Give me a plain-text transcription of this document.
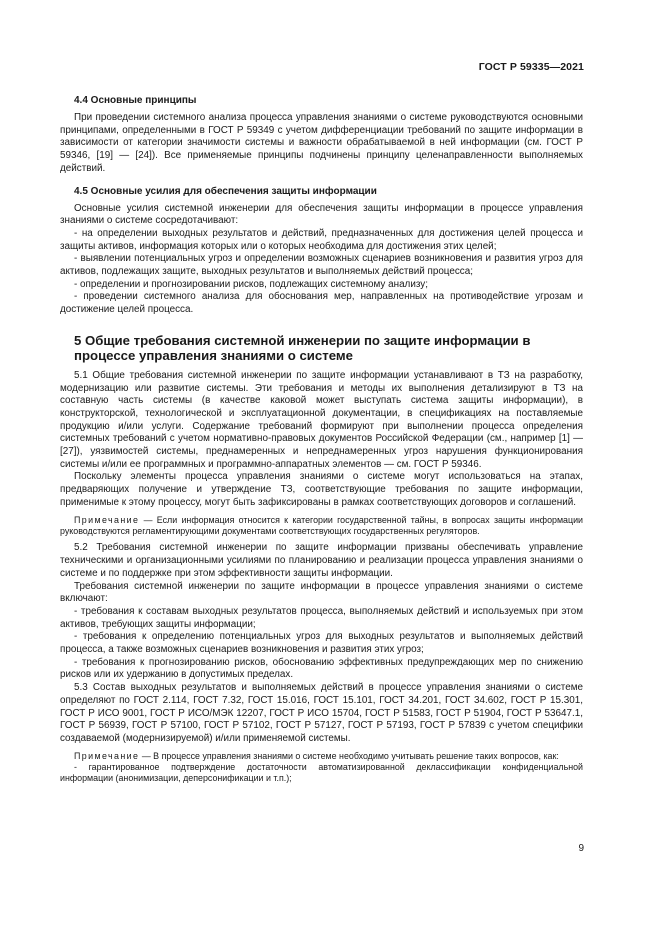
ГОСТ Р 59335—2021
4.4 Основные принципы

При проведении системного анализа процесса управления знаниями о системе руководствуются основными принципами, определенными в ГОСТ Р 59349 с учетом дифференциации требований по защите информации в зависимости от категории значимости системы и важности обрабатываемой в ней информации (см. ГОСТ Р 59346, [19] — [24]). Все применяемые принципы подчинены принципу целенаправленности выполняемых действий.

4.5 Основные усилия для обеспечения защиты информации

Основные усилия системной инженерии для обеспечения защиты информации в процессе управления знаниями о системе сосредотачивают:

- на определении выходных результатов и действий, предназначенных для достижения целей процесса и защиты активов, информация которых или о которых необходима для достижения этих целей;

- выявлении потенциальных угроз и определении возможных сценариев возникновения и развития угроз для активов, подлежащих защите, выходных результатов и выполняемых действий процесса;

- определении и прогнозировании рисков, подлежащих системному анализу;

- проведении системного анализа для обоснования мер, направленных на противодействие угрозам и достижение целей процесса.

5 Общие требования системной инженерии по защите информации в процессе управления знаниями о системе

5.1 Общие требования системной инженерии по защите информации устанавливают в ТЗ на разработку, модернизацию или развитие системы. Эти требования и методы их выполнения детализируют в ТЗ на составную часть системы (в качестве каковой может выступать система защиты информации), в конструкторской, технологической и эксплуатационной документации, в спецификациях на поставляемые продукцию и/или услуги. Содержание требований формируют при выполнении процесса определения системных требований с учетом нормативно-правовых документов Российской Федерации (см., например [1] — [27]), уязвимостей системы, преднамеренных и непреднамеренных угроз нарушения функционирования системы и/или ее программных и программно-аппаратных элементов — см. ГОСТ Р 59346.

Поскольку элементы процесса управления знаниями о системе могут использоваться на этапах, предваряющих получение и утверждение ТЗ, соответствующие требования по защите информации, применимые к этому процессу, могут быть зафиксированы в рамках соответствующих договоров и соглашений.

Примечание — Если информация относится к категории государственной тайны, в вопросах защиты информации руководствуются регламентирующими документами соответствующих государственных регуляторов.

5.2 Требования системной инженерии по защите информации призваны обеспечивать управление техническими и организационными усилиями по планированию и реализации процесса управления знаниями о системе и по поддержке при этом эффективности защиты информации.

Требования системной инженерии по защите информации в процессе управления знаниями о системе включают:

- требования к составам выходных результатов процесса, выполняемых действий и используемых при этом активов, требующих защиты информации;

- требования к определению потенциальных угроз для выходных результатов и выполняемых действий процесса, а также возможных сценариев возникновения и развития этих угроз;

- требования к прогнозированию рисков, обоснованию эффективных предупреждающих мер по снижению рисков или их удержанию в допустимых пределах.

5.3 Состав выходных результатов и выполняемых действий в процессе управления знаниями о системе определяют по ГОСТ 2.114, ГОСТ 7.32, ГОСТ 15.016, ГОСТ 15.101, ГОСТ 34.201, ГОСТ 34.602, ГОСТ Р 15.301, ГОСТ Р ИСО 9001, ГОСТ Р ИСО/МЭК 12207, ГОСТ Р ИСО 15704, ГОСТ Р 51583, ГОСТ Р 51904, ГОСТ Р 53647.1, ГОСТ Р 56939, ГОСТ Р 57100, ГОСТ Р 57102, ГОСТ Р 57127, ГОСТ Р 57193, ГОСТ Р 57839 с учетом специфики создаваемой (модернизируемой) и/или применяемой системы.

Примечание — В процессе управления знаниями о системе необходимо учитывать решение таких вопросов, как:

- гарантированное подтверждение достаточности автоматизированной деклассификации конфиденциальной информации (анонимизации, деперсонификации и т.п.);

9
